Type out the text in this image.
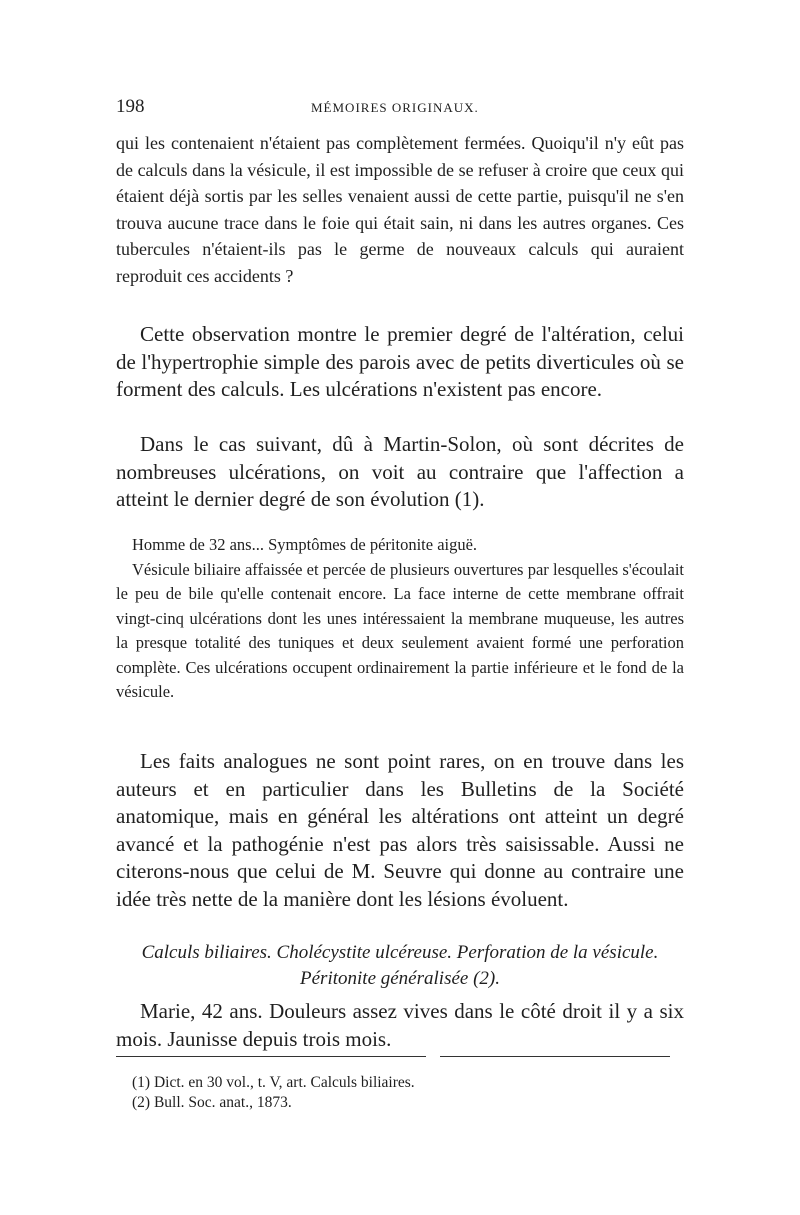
198	MÉMOIRES ORIGINAUX.

qui les contenaient n'étaient pas complètement fermées. Quoiqu'il n'y eût pas de calculs dans la vésicule, il est impossible de se refuser à croire que ceux qui étaient déjà sortis par les selles venaient aussi de cette partie, puisqu'il ne s'en trouva aucune trace dans le foie qui était sain, ni dans les autres organes. Ces tubercules n'étaient-ils pas le germe de nouveaux calculs qui auraient reproduit ces accidents ?

Cette observation montre le premier degré de l'altération, celui de l'hypertrophie simple des parois avec de petits diverticules où se forment des calculs. Les ulcérations n'existent pas encore.

Dans le cas suivant, dû à Martin-Solon, où sont décrites de nombreuses ulcérations, on voit au contraire que l'affection a atteint le dernier degré de son évolution (1).

Homme de 32 ans... Symptômes de péritonite aiguë.

Vésicule biliaire affaissée et percée de plusieurs ouvertures par lesquelles s'écoulait le peu de bile qu'elle contenait encore. La face interne de cette membrane offrait vingt-cinq ulcérations dont les unes intéressaient la membrane muqueuse, les autres la presque totalité des tuniques et deux seulement avaient formé une perforation complète. Ces ulcérations occupent ordinairement la partie inférieure et le fond de la vésicule.

Les faits analogues ne sont point rares, on en trouve dans les auteurs et en particulier dans les Bulletins de la Société anatomique, mais en général les altérations ont atteint un degré avancé et la pathogénie n'est pas alors très saisissable. Aussi ne citerons-nous que celui de M. Seuvre qui donne au contraire une idée très nette de la manière dont les lésions évoluent.

Calculs biliaires. Cholécystite ulcéreuse. Perforation de la vésicule.
Péritonite généralisée (2).

Marie, 42 ans. Douleurs assez vives dans le côté droit il y a six mois. Jaunisse depuis trois mois.

(1) Dict. en 30 vol., t. V, art. Calculs biliaires.
(2) Bull. Soc. anat., 1873.
